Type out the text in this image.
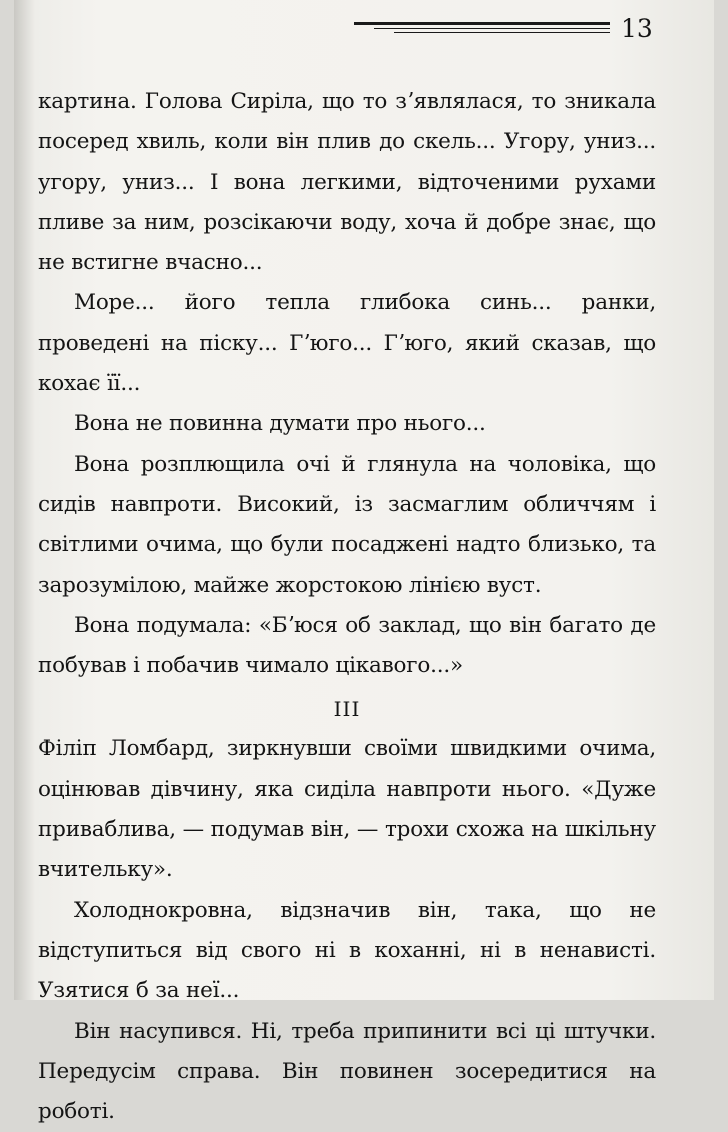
13

картина. Голова Сиріла, що то зʼявлялася, то зникала посеред хвиль, коли він плив до скель... Угору, униз... угору, униз... І вона легкими, відточеними рухами пливе за ним, розсікаючи воду, хоча й добре знає, що не встигне вчасно...

Море... його тепла глибока синь... ранки, проведені на піску... Гʼюго... Гʼюго, який сказав, що кохає її...

Вона не повинна думати про нього...

Вона розплющила очі й глянула на чоловіка, що сидів навпроти. Високий, із засмаглим обличчям і світлими очима, що були посаджені надто близько, та зарозумілою, майже жорстокою лінією вуст.

Вона подумала: «Бʼюся об заклад, що він багато де побував і побачив чимало цікавого...»

III

Філіп Ломбард, зиркнувши своїми швидкими очима, оцінював дівчину, яка сиділа навпроти нього. «Дуже приваблива, — подумав він, — трохи схожа на шкільну вчительку».

Холоднокровна, відзначив він, така, що не відступиться від свого ні в коханні, ні в ненависті. Узятися б за неї...

Він насупився. Ні, треба припинити всі ці штучки. Передусім справа. Він повинен зосередитися на роботі.
